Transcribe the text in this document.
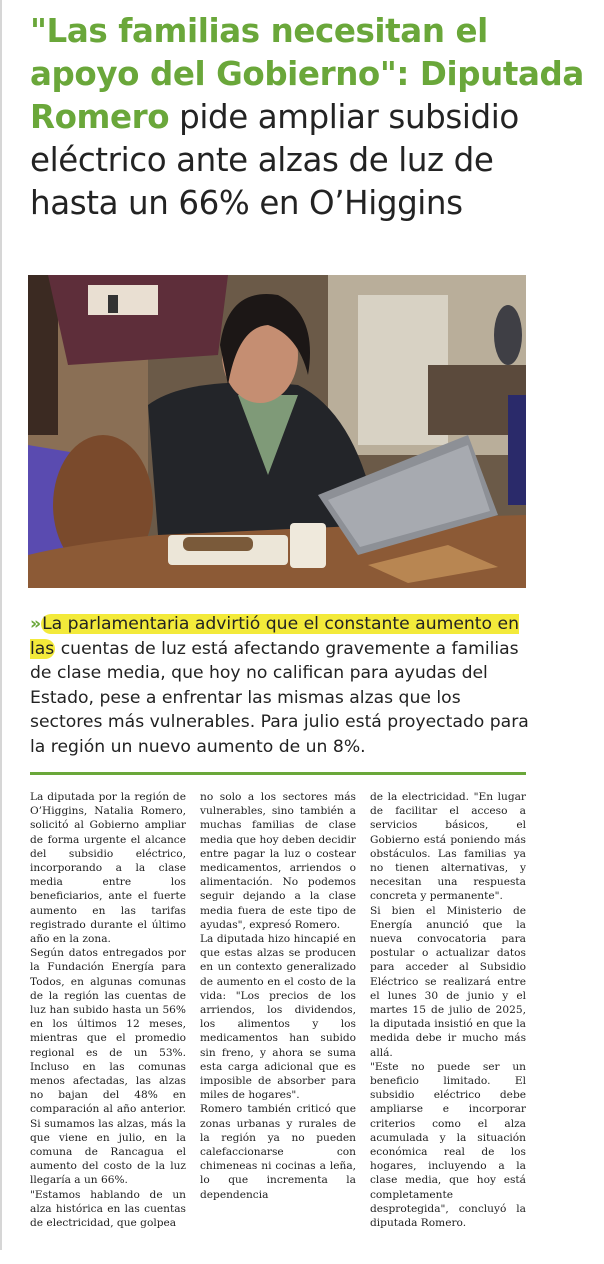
"Las familias necesitan el apoyo del Gobierno": Diputada Romero pide ampliar subsidio eléctrico ante alzas de luz de hasta un 66% en O’Higgins

»La parlamentaria advirtió que el constante aumento en las cuentas de luz está afectando gravemente a familias de clase media, que hoy no califican para ayudas del Estado, pese a enfrentar las mismas alzas que los sectores más vulnerables. Para julio está proyectado para la región un nuevo aumento de un 8%.

La diputada por la región de O’Higgins, Natalia Romero, solicitó al Gobierno ampliar de forma urgente el alcance del subsidio eléctrico, incorporando a la clase media entre los beneficiarios, ante el fuerte aumento en las tarifas registrado durante el último año en la zona.

Según datos entregados por la Fundación Energía para Todos, en algunas comunas de la región las cuentas de luz han subido hasta un 56% en los últimos 12 meses, mientras que el promedio regional es de un 53%. Incluso en las comunas menos afectadas, las alzas no bajan del 48% en comparación al año anterior. Si sumamos las alzas, más la que viene en julio, en la comuna de Rancagua el aumento del costo de la luz llegaría a un 66%.

"Estamos hablando de un alza histórica en las cuentas de electricidad, que golpea

no solo a los sectores más vulnerables, sino también a muchas familias de clase media que hoy deben decidir entre pagar la luz o costear medicamentos, arriendos o alimentación. No podemos seguir dejando a la clase media fuera de este tipo de ayudas", expresó Romero.

La diputada hizo hincapié en que estas alzas se producen en un contexto generalizado de aumento en el costo de la vida: "Los precios de los arriendos, los dividendos, los alimentos y los medicamentos han subido sin freno, y ahora se suma esta carga adicional que es imposible de absorber para miles de hogares".

Romero también criticó que zonas urbanas y rurales de la región ya no pueden calefaccionarse con chimeneas ni cocinas a leña, lo que incrementa la dependencia

de la electricidad. "En lugar de facilitar el acceso a servicios básicos, el Gobierno está poniendo más obstáculos. Las familias ya no tienen alternativas, y necesitan una respuesta concreta y permanente".

Si bien el Ministerio de Energía anunció que la nueva convocatoria para postular o actualizar datos para acceder al Subsidio Eléctrico se realizará entre el lunes 30 de junio y el martes 15 de julio de 2025, la diputada insistió en que la medida debe ir mucho más allá.

"Este no puede ser un beneficio limitado. El subsidio eléctrico debe ampliarse e incorporar criterios como el alza acumulada y la situación económica real de los hogares, incluyendo a la clase media, que hoy está completamente desprotegida", concluyó la diputada Romero.
